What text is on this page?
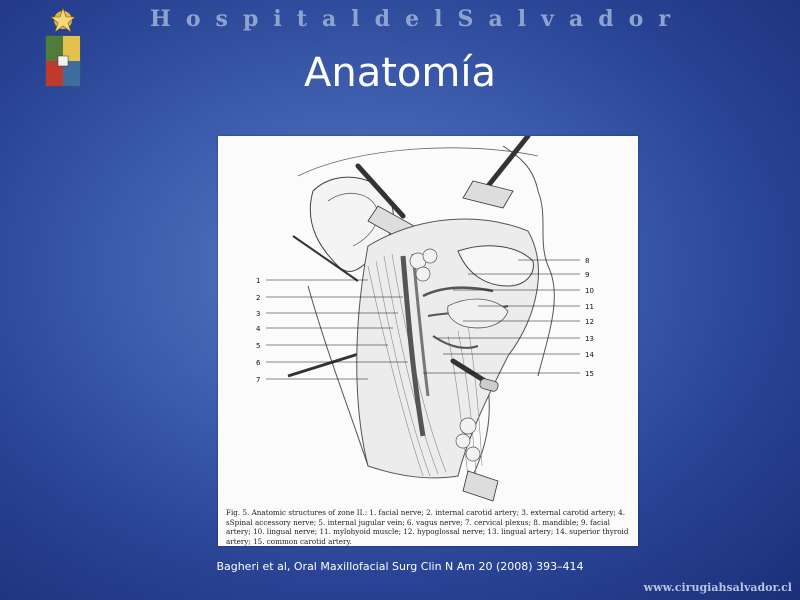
H o s p i t a l d e l S a l v a d o r
Anatomía
1
2
3
4
5
6
7
8
9
10
11
12
13
14
15
Fig. 5. Anatomic structures of zone II.: 1. facial nerve; 2. internal carotid artery; 3. external carotid artery; 4. sSpinal accessory nerve; 5. internal jugular vein; 6. vagus nerve; 7. cervical plexus; 8. mandible; 9. facial artery; 10. lingual nerve; 11. mylohyoid muscle; 12. hypoglossal nerve; 13. lingual artery; 14. superior thyroid artery; 15. common carotid artery.
Bagheri et al, Oral Maxillofacial Surg Clin N Am 20 (2008) 393–414
www.cirugiahsalvador.cl
